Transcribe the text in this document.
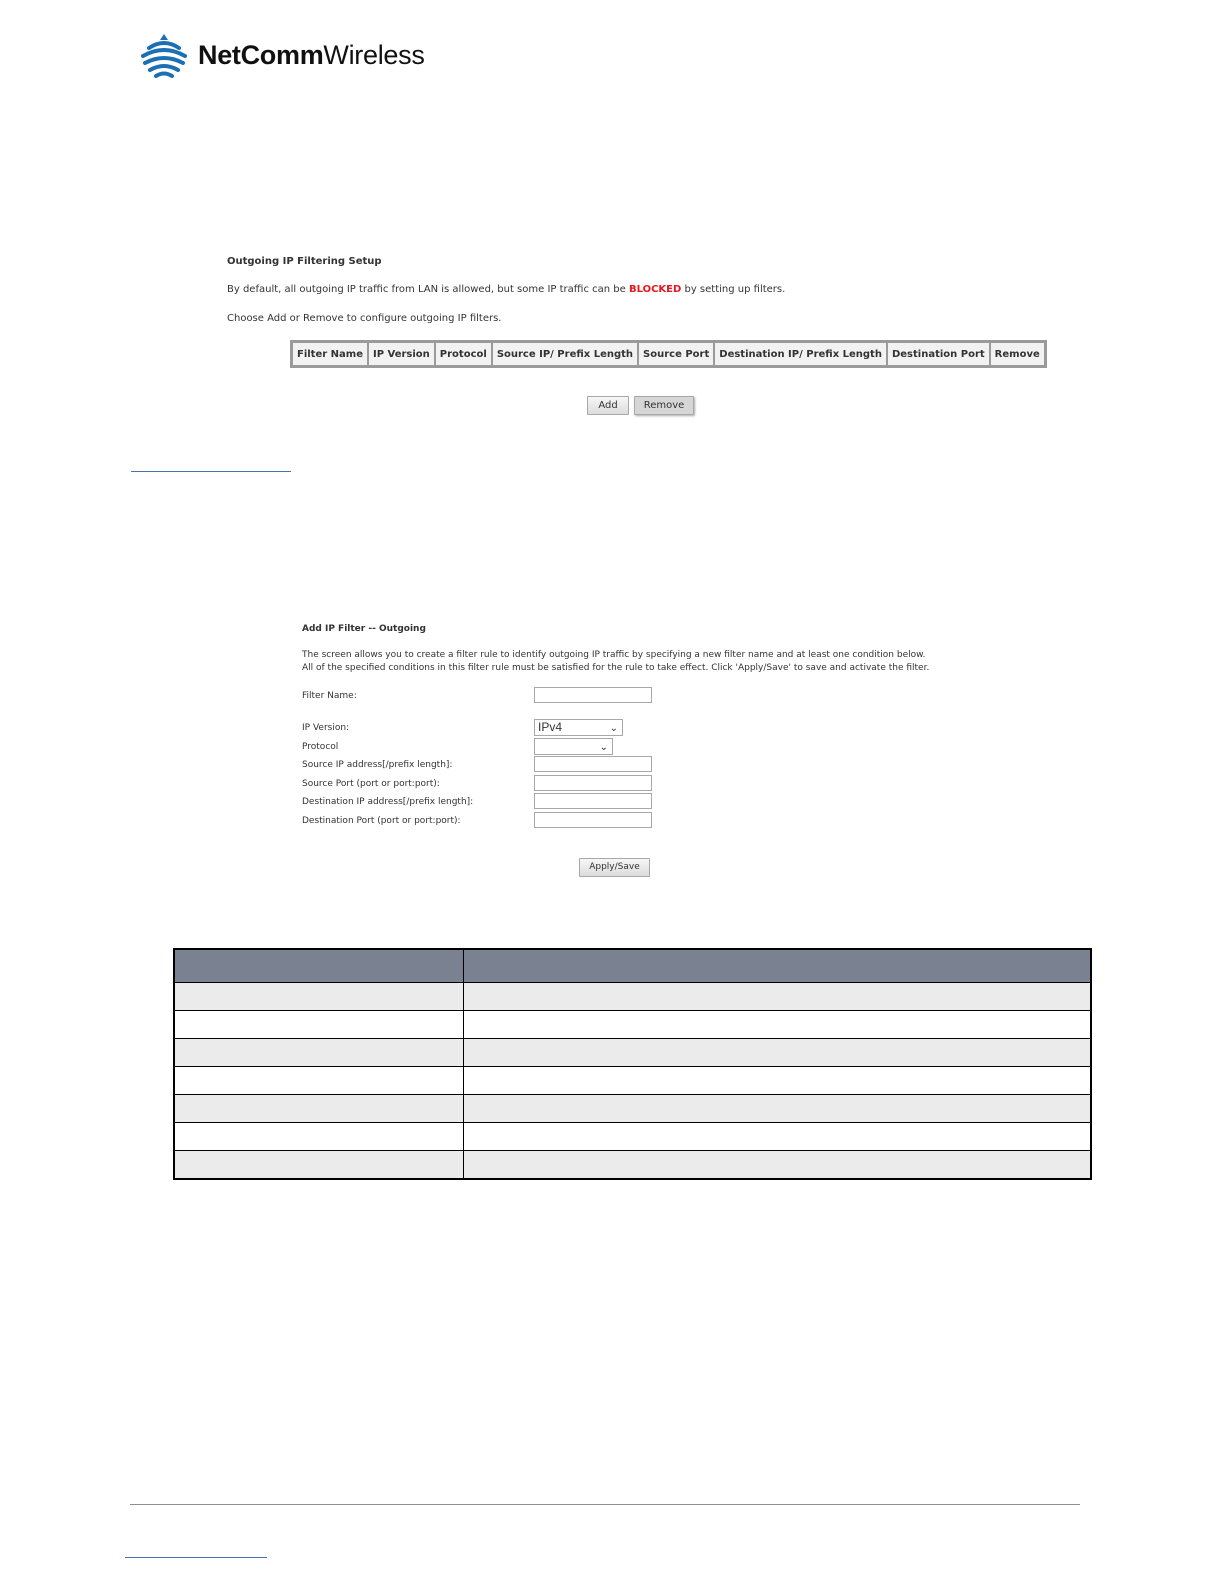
NetCommWireless
Outgoing IP Filtering Setup
By default, all outgoing IP traffic from LAN is allowed, but some IP traffic can be BLOCKED by setting up filters.
Choose Add or Remove to configure outgoing IP filters.
Filter Name	IP Version	Protocol	Source IP/ Prefix Length	Source Port	Destination IP/ Prefix Length	Destination Port	Remove
Add	Remove
Add IP Filter -- Outgoing
The screen allows you to create a filter rule to identify outgoing IP traffic by specifying a new filter name and at least one condition below. All of the specified conditions in this filter rule must be satisfied for the rule to take effect. Click 'Apply/Save' to save and activate the filter.
Filter Name:
IP Version:	IPv4	⌄
Protocol	⌄
Source IP address[/prefix length]:
Source Port (port or port:port):
Destination IP address[/prefix length]:
Destination Port (port or port:port):
Apply/Save
